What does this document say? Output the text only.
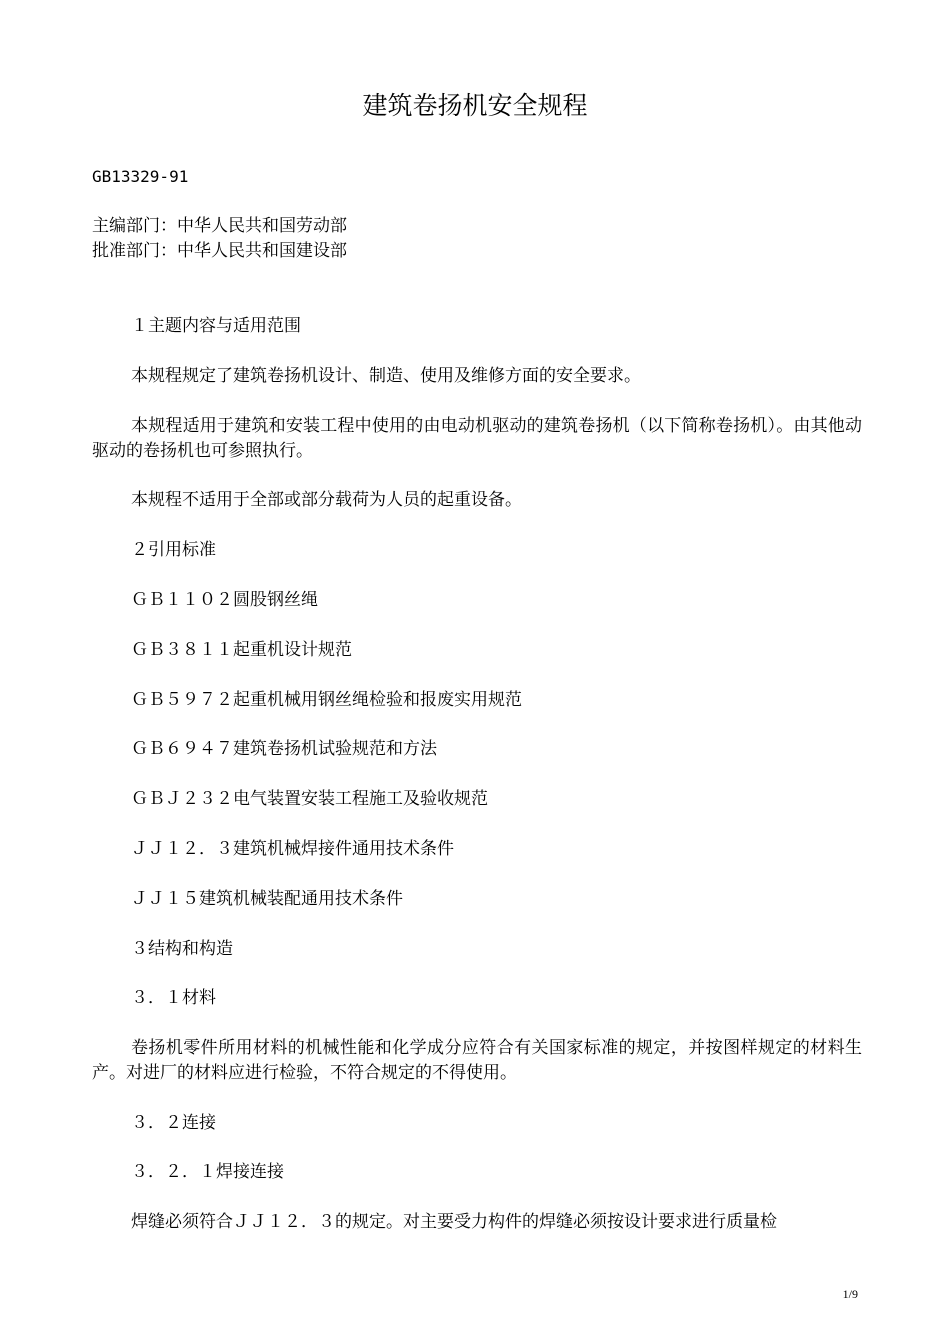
建筑卷扬机安全规程
GB13329-91
主编部门：中华人民共和国劳动部
批准部门：中华人民共和国建设部
１主题内容与适用范围
本规程规定了建筑卷扬机设计、制造、使用及维修方面的安全要求。
本规程适用于建筑和安装工程中使用的由电动机驱动的建筑卷扬机（以下简称卷扬机）。由其他动驱动的卷扬机也可参照执行。
本规程不适用于全部或部分载荷为人员的起重设备。
２引用标准
ＧＢ１１０２圆股钢丝绳
ＧＢ３８１１起重机设计规范
ＧＢ５９７２起重机械用钢丝绳检验和报废实用规范
ＧＢ６９４７建筑卷扬机试验规范和方法
ＧＢＪ２３２电气装置安装工程施工及验收规范
ＪＪ１２．３建筑机械焊接件通用技术条件
ＪＪ１５建筑机械装配通用技术条件
３结构和构造
３．１材料
卷扬机零件所用材料的机械性能和化学成分应符合有关国家标准的规定，并按图样规定的材料生产。对进厂的材料应进行检验，不符合规定的不得使用。
３．２连接
３．２．１焊接连接
焊缝必须符合ＪＪ１２．３的规定。对主要受力构件的焊缝必须按设计要求进行质量检
1/9
